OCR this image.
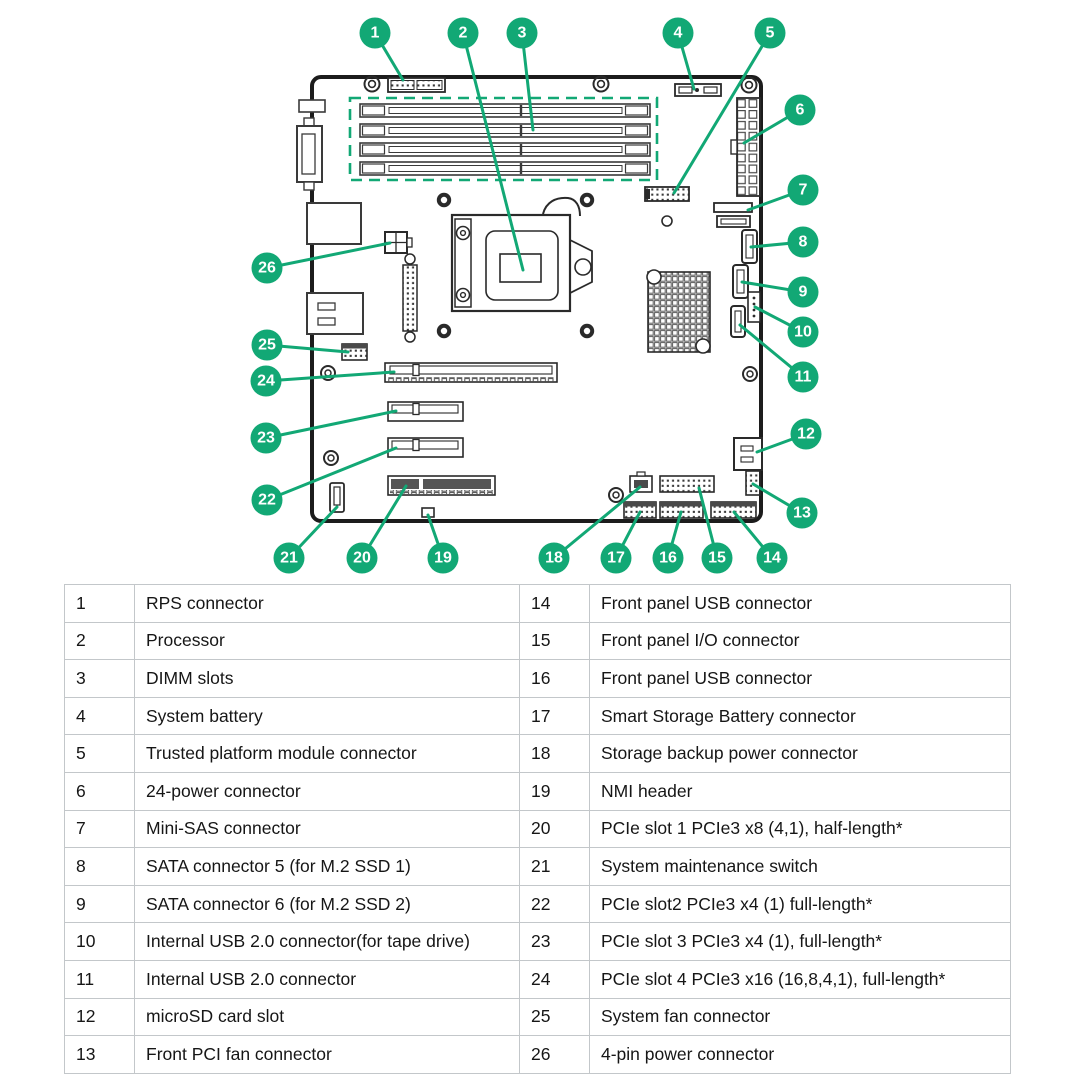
1	2	3	4	5
6
7
8
9
10
11
12
13
14
15
16
17
18
19
20
21
22
23
24
25
26
1	RPS connector	14	Front panel USB connector
2	Processor	15	Front panel I/O connector
3	DIMM slots	16	Front panel USB connector
4	System battery	17	Smart Storage Battery connector
5	Trusted platform module connector	18	Storage backup power connector
6	24-power connector	19	NMI header
7	Mini-SAS connector	20	PCIe slot 1 PCIe3 x8 (4,1), half-length*
8	SATA connector 5 (for M.2 SSD 1)	21	System maintenance switch
9	SATA connector 6 (for M.2 SSD 2)	22	PCIe slot2 PCIe3 x4 (1) full-length*
10	Internal USB 2.0 connector(for tape drive)	23	PCIe slot 3 PCIe3 x4 (1), full-length*
11	Internal USB 2.0 connector	24	PCIe slot 4 PCIe3 x16 (16,8,4,1), full-length*
12	microSD card slot	25	System fan connector
13	Front PCI fan connector	26	4-pin power connector
